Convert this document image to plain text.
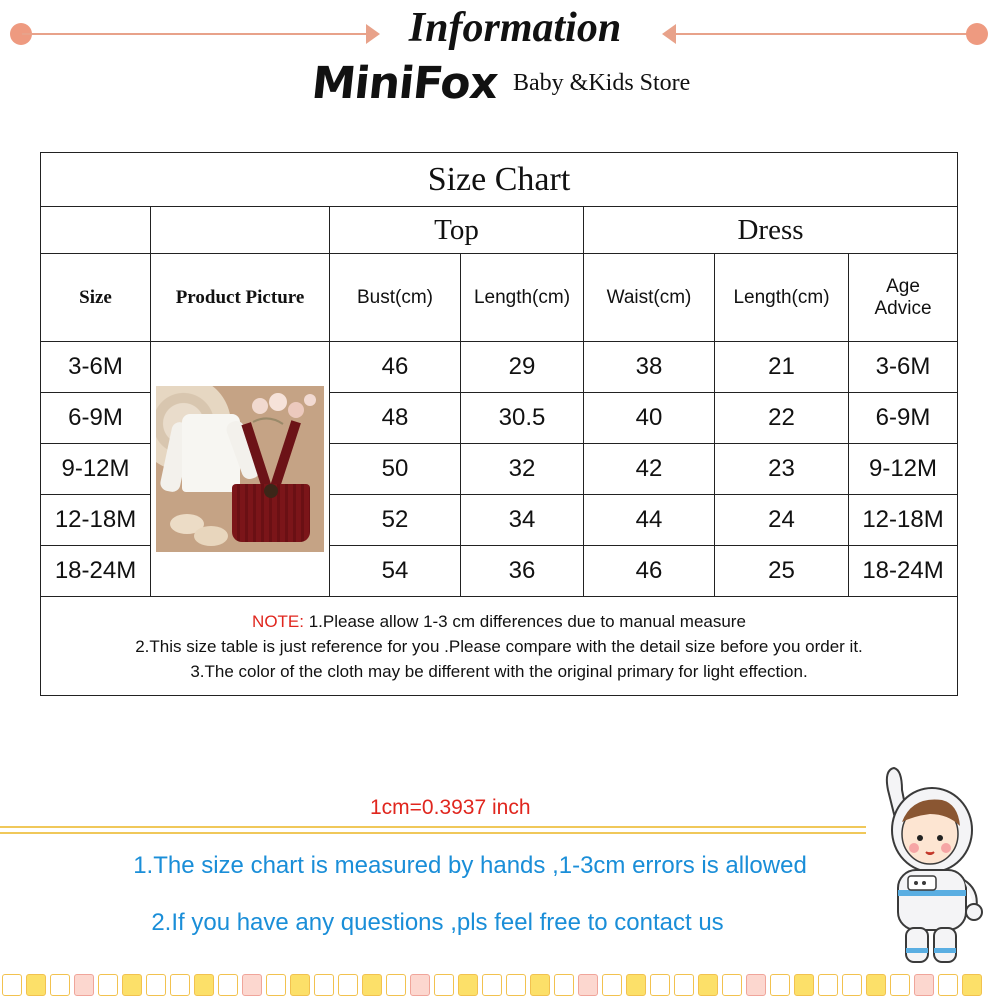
Information
MiniFox Baby &Kids Store
Size Chart						
		Top		Dress		
Size	Product Picture	Bust(cm)	Length(cm)	Waist(cm)	Length(cm)	Age
Advice

3-6M		46	29	38	21	3-6M
6-9M		48	30.5	40	22	6-9M
9-12M		50	32	42	23	9-12M
12-18M		52	34	44	24	12-18M
18-24M		54	36	46	25	18-24M

NOTE: 1.Please allow 1-3 cm differences due to manual measure
2.This size table is just reference for you .Please compare with the detail size before you order it.
3.The color of the cloth may be different with the original primary for light effection.						
1cm=0.3937 inch
1.The size chart is measured by hands ,1-3cm errors is allowed
2.If you have any questions ,pls feel free to contact us
